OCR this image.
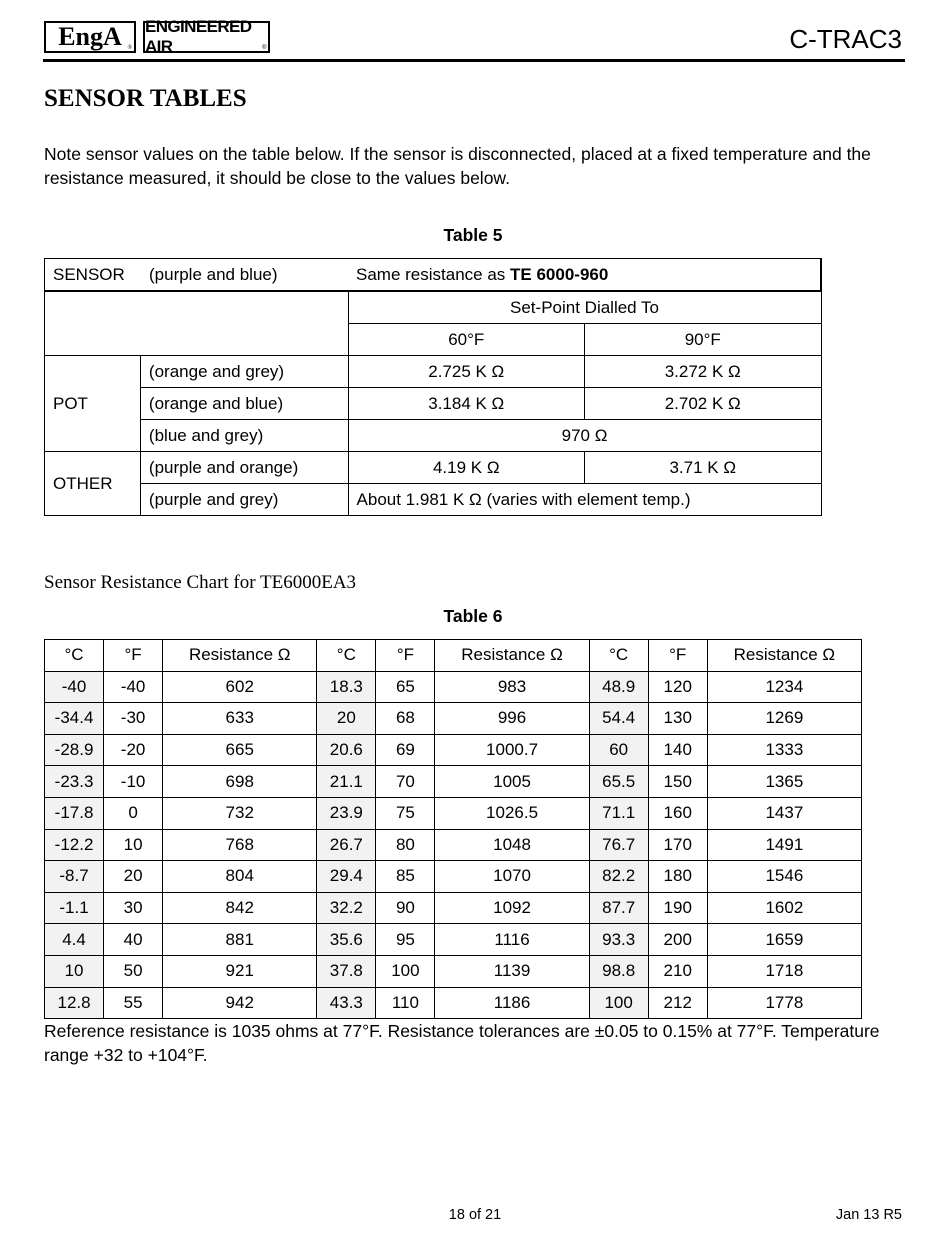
EngA ®
ENGINEERED AIR	®	C-TRAC3
SENSOR TABLES
Note sensor values on the table below. If the sensor is disconnected, placed at a fixed temperature and the resistance measured, it should be close to the values below.
Table 5
SENSOR (purple and blue) Same resistance as TE 6000-960			
		Set-Point Dialled To	
		60°F	90°F
POT	(orange and grey)	2.725 K Ω	3.272 K Ω
	(orange and blue)	3.184 K Ω	2.702 K Ω
	(blue and grey)	970 Ω	
OTHER	(purple and orange)	4.19 K Ω	3.71 K Ω
	(purple and grey)	About 1.981 K Ω (varies with element temp.)	
Sensor Resistance Chart for TE6000EA3
Table 6
°C	°F	Resistance Ω	°C	°F	Resistance Ω	°C	°F	Resistance Ω
-40	-40	602	18.3	65	983	48.9	120	1234
-34.4	-30	633	20	68	996	54.4	130	1269
-28.9	-20	665	20.6	69	1000.7	60	140	1333
-23.3	-10	698	21.1	70	1005	65.5	150	1365
-17.8	0	732	23.9	75	1026.5	71.1	160	1437
-12.2	10	768	26.7	80	1048	76.7	170	1491
-8.7	20	804	29.4	85	1070	82.2	180	1546
-1.1	30	842	32.2	90	1092	87.7	190	1602
4.4	40	881	35.6	95	1116	93.3	200	1659
10	50	921	37.8	100	1139	98.8	210	1718
12.8	55	942	43.3	110	1186	100	212	1778
Reference resistance is 1035 ohms at 77°F. Resistance tolerances are ±0.05 to 0.15% at 77°F. Temperature range +32 to +104°F.
18 of 21	Jan 13 R5
